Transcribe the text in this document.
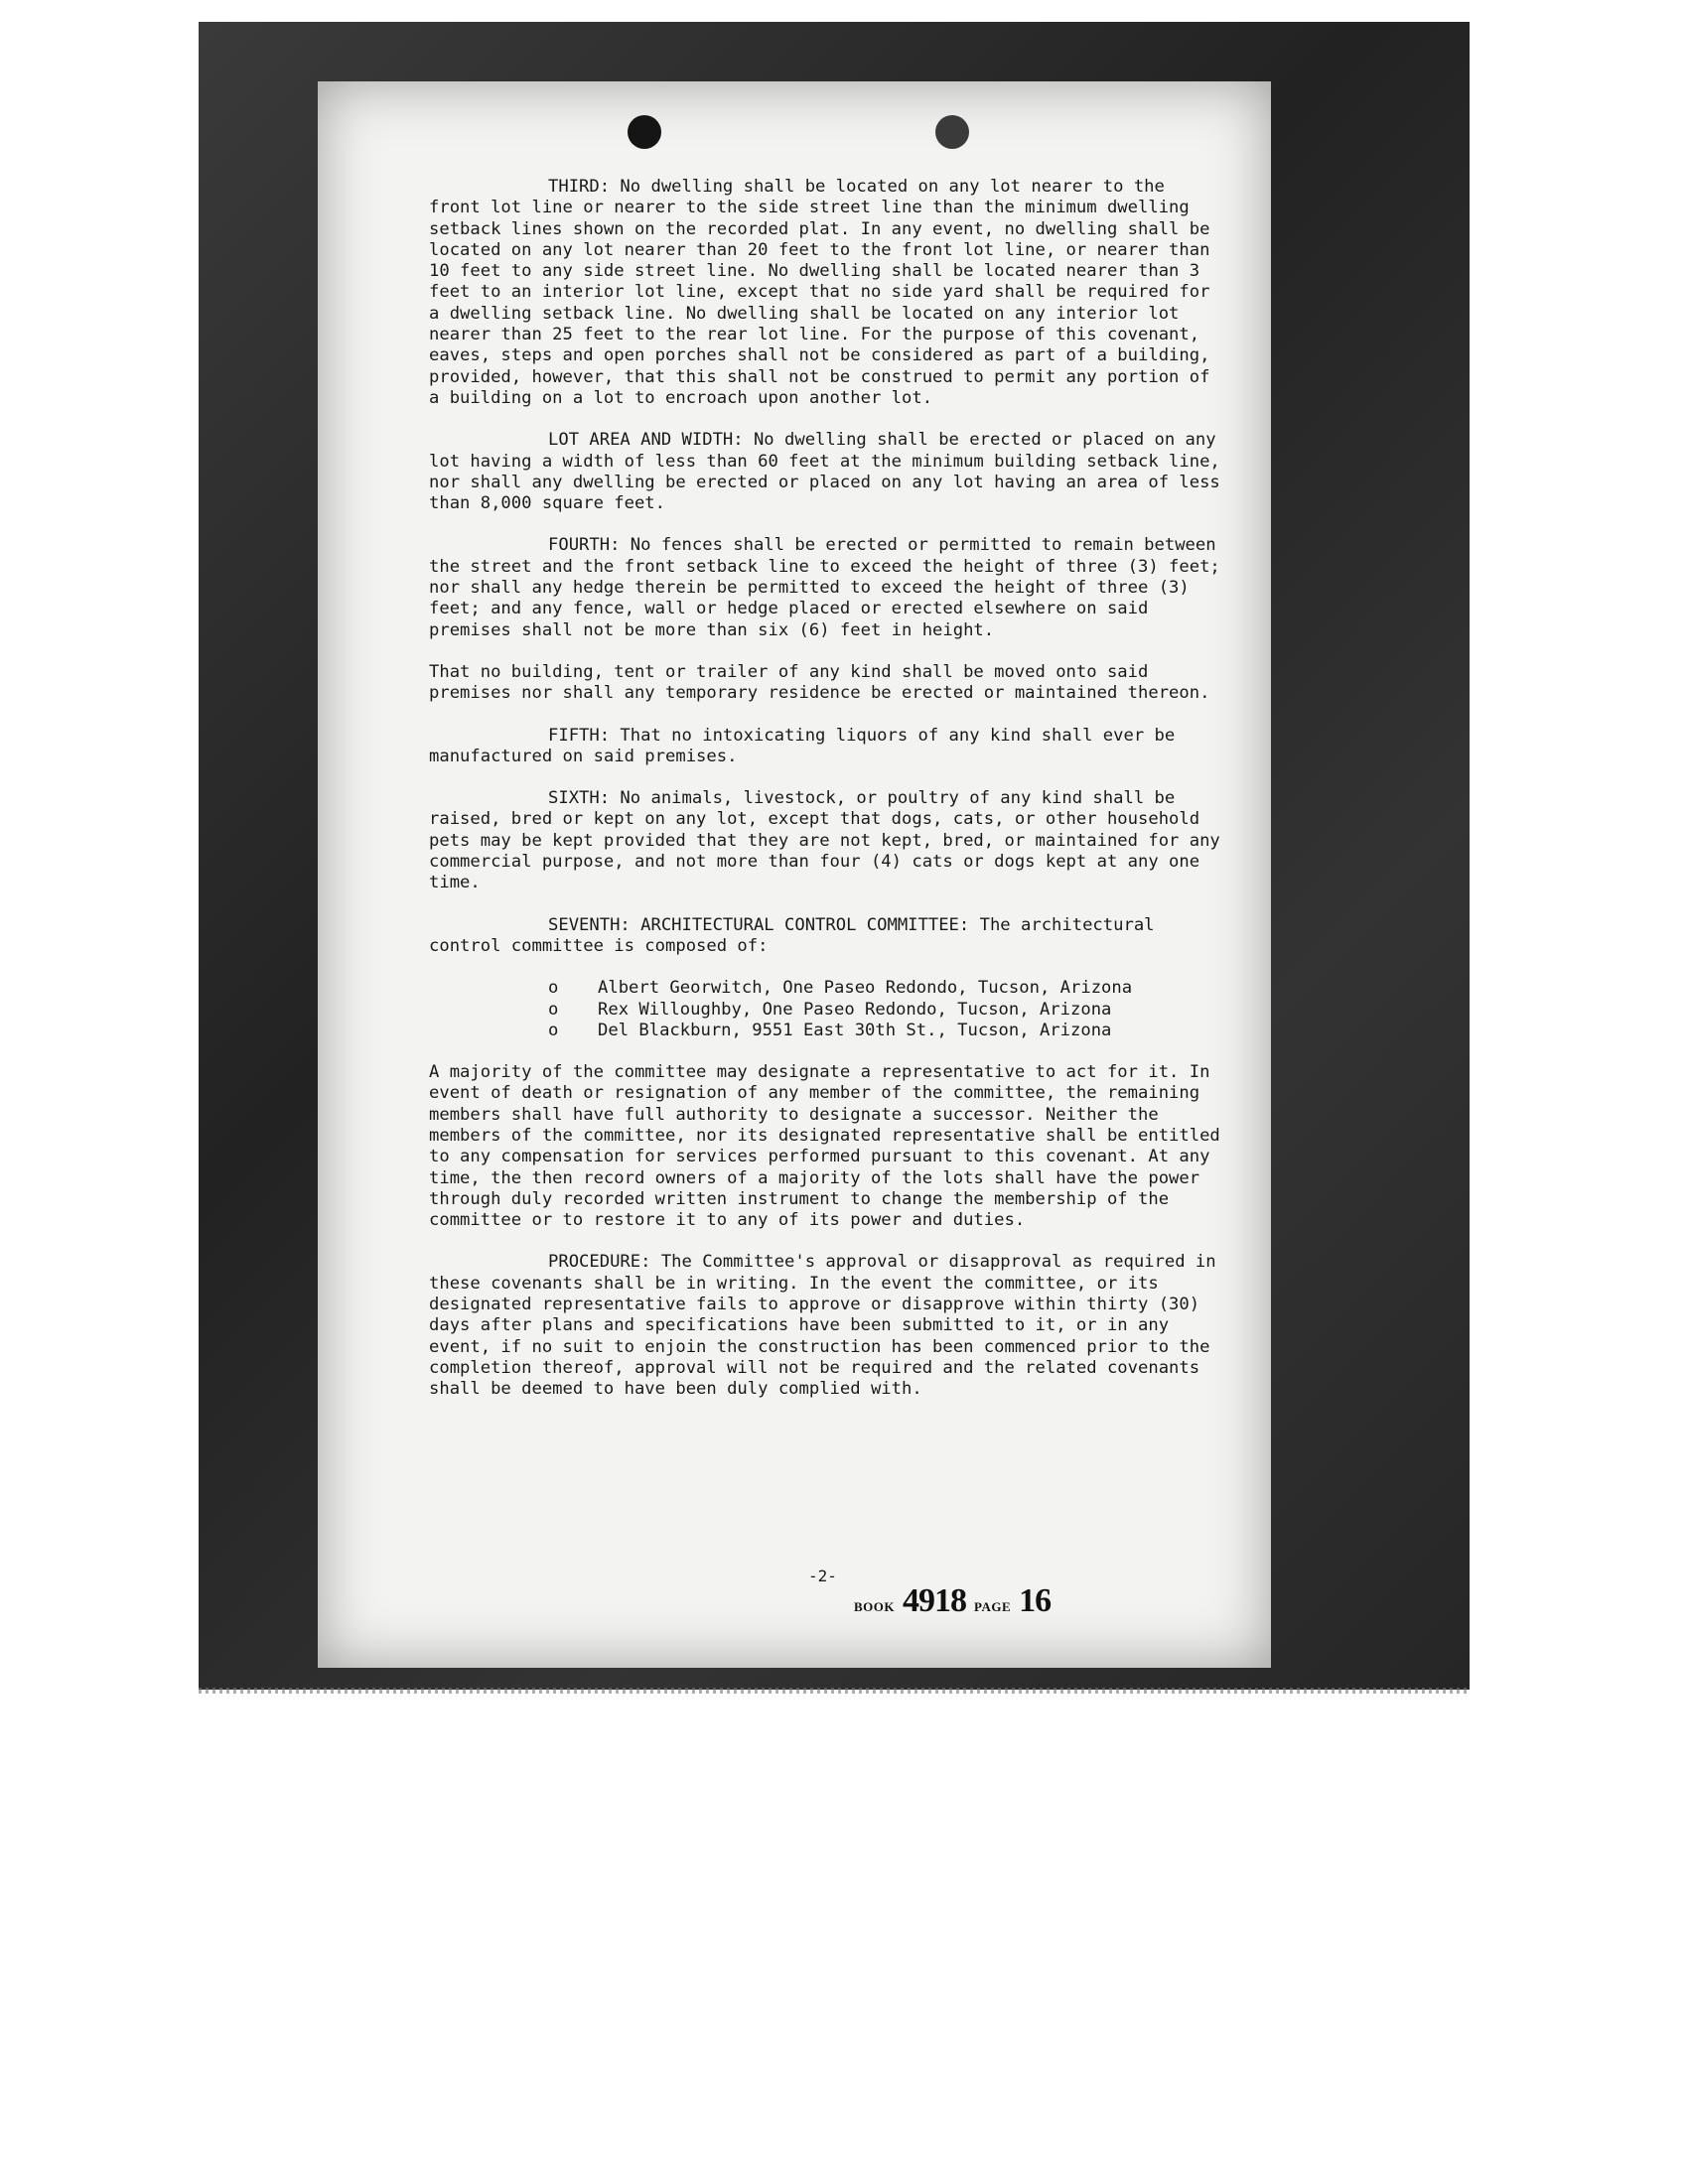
THIRD: No dwelling shall be located on any lot nearer to the front lot line or nearer to the side street line than the minimum dwelling setback lines shown on the recorded plat. In any event, no dwelling shall be located on any lot nearer than 20 feet to the front lot line, or nearer than 10 feet to any side street line. No dwelling shall be located nearer than 3 feet to an interior lot line, except that no side yard shall be required for a dwelling setback line. No dwelling shall be located on any interior lot nearer than 25 feet to the rear lot line. For the purpose of this covenant, eaves, steps and open porches shall not be considered as part of a building, provided, however, that this shall not be construed to permit any portion of a building on a lot to encroach upon another lot.

LOT AREA AND WIDTH: No dwelling shall be erected or placed on any lot having a width of less than 60 feet at the minimum building setback line, nor shall any dwelling be erected or placed on any lot having an area of less than 8,000 square feet.

FOURTH: No fences shall be erected or permitted to remain between the street and the front setback line to exceed the height of three (3) feet; nor shall any hedge therein be permitted to exceed the height of three (3) feet; and any fence, wall or hedge placed or erected elsewhere on said premises shall not be more than six (6) feet in height.

That no building, tent or trailer of any kind shall be moved onto said premises nor shall any temporary residence be erected or maintained thereon.

FIFTH: That no intoxicating liquors of any kind shall ever be manufactured on said premises.

SIXTH: No animals, livestock, or poultry of any kind shall be raised, bred or kept on any lot, except that dogs, cats, or other household pets may be kept provided that they are not kept, bred, or maintained for any commercial purpose, and not more than four (4) cats or dogs kept at any one time.

SEVENTH: ARCHITECTURAL CONTROL COMMITTEE: The architectural control committee is composed of:

o	Albert Georwitch, One Paseo Redondo, Tucson, Arizona
o	Rex Willoughby, One Paseo Redondo, Tucson, Arizona
o	Del Blackburn, 9551 East 30th St., Tucson, Arizona

A majority of the committee may designate a representative to act for it. In event of death or resignation of any member of the committee, the remaining members shall have full authority to designate a successor. Neither the members of the committee, nor its designated representative shall be entitled to any compensation for services performed pursuant to this covenant. At any time, the then record owners of a majority of the lots shall have the power through duly recorded written instrument to change the membership of the committee or to restore it to any of its power and duties.

PROCEDURE: The Committee's approval or disapproval as required in these covenants shall be in writing. In the event the committee, or its designated representative fails to approve or disapprove within thirty (30) days after plans and specifications have been submitted to it, or in any event, if no suit to enjoin the construction has been commenced prior to the completion thereof, approval will not be required and the related covenants shall be deemed to have been duly complied with.

-2-
BOOK 4918 PAGE 16
